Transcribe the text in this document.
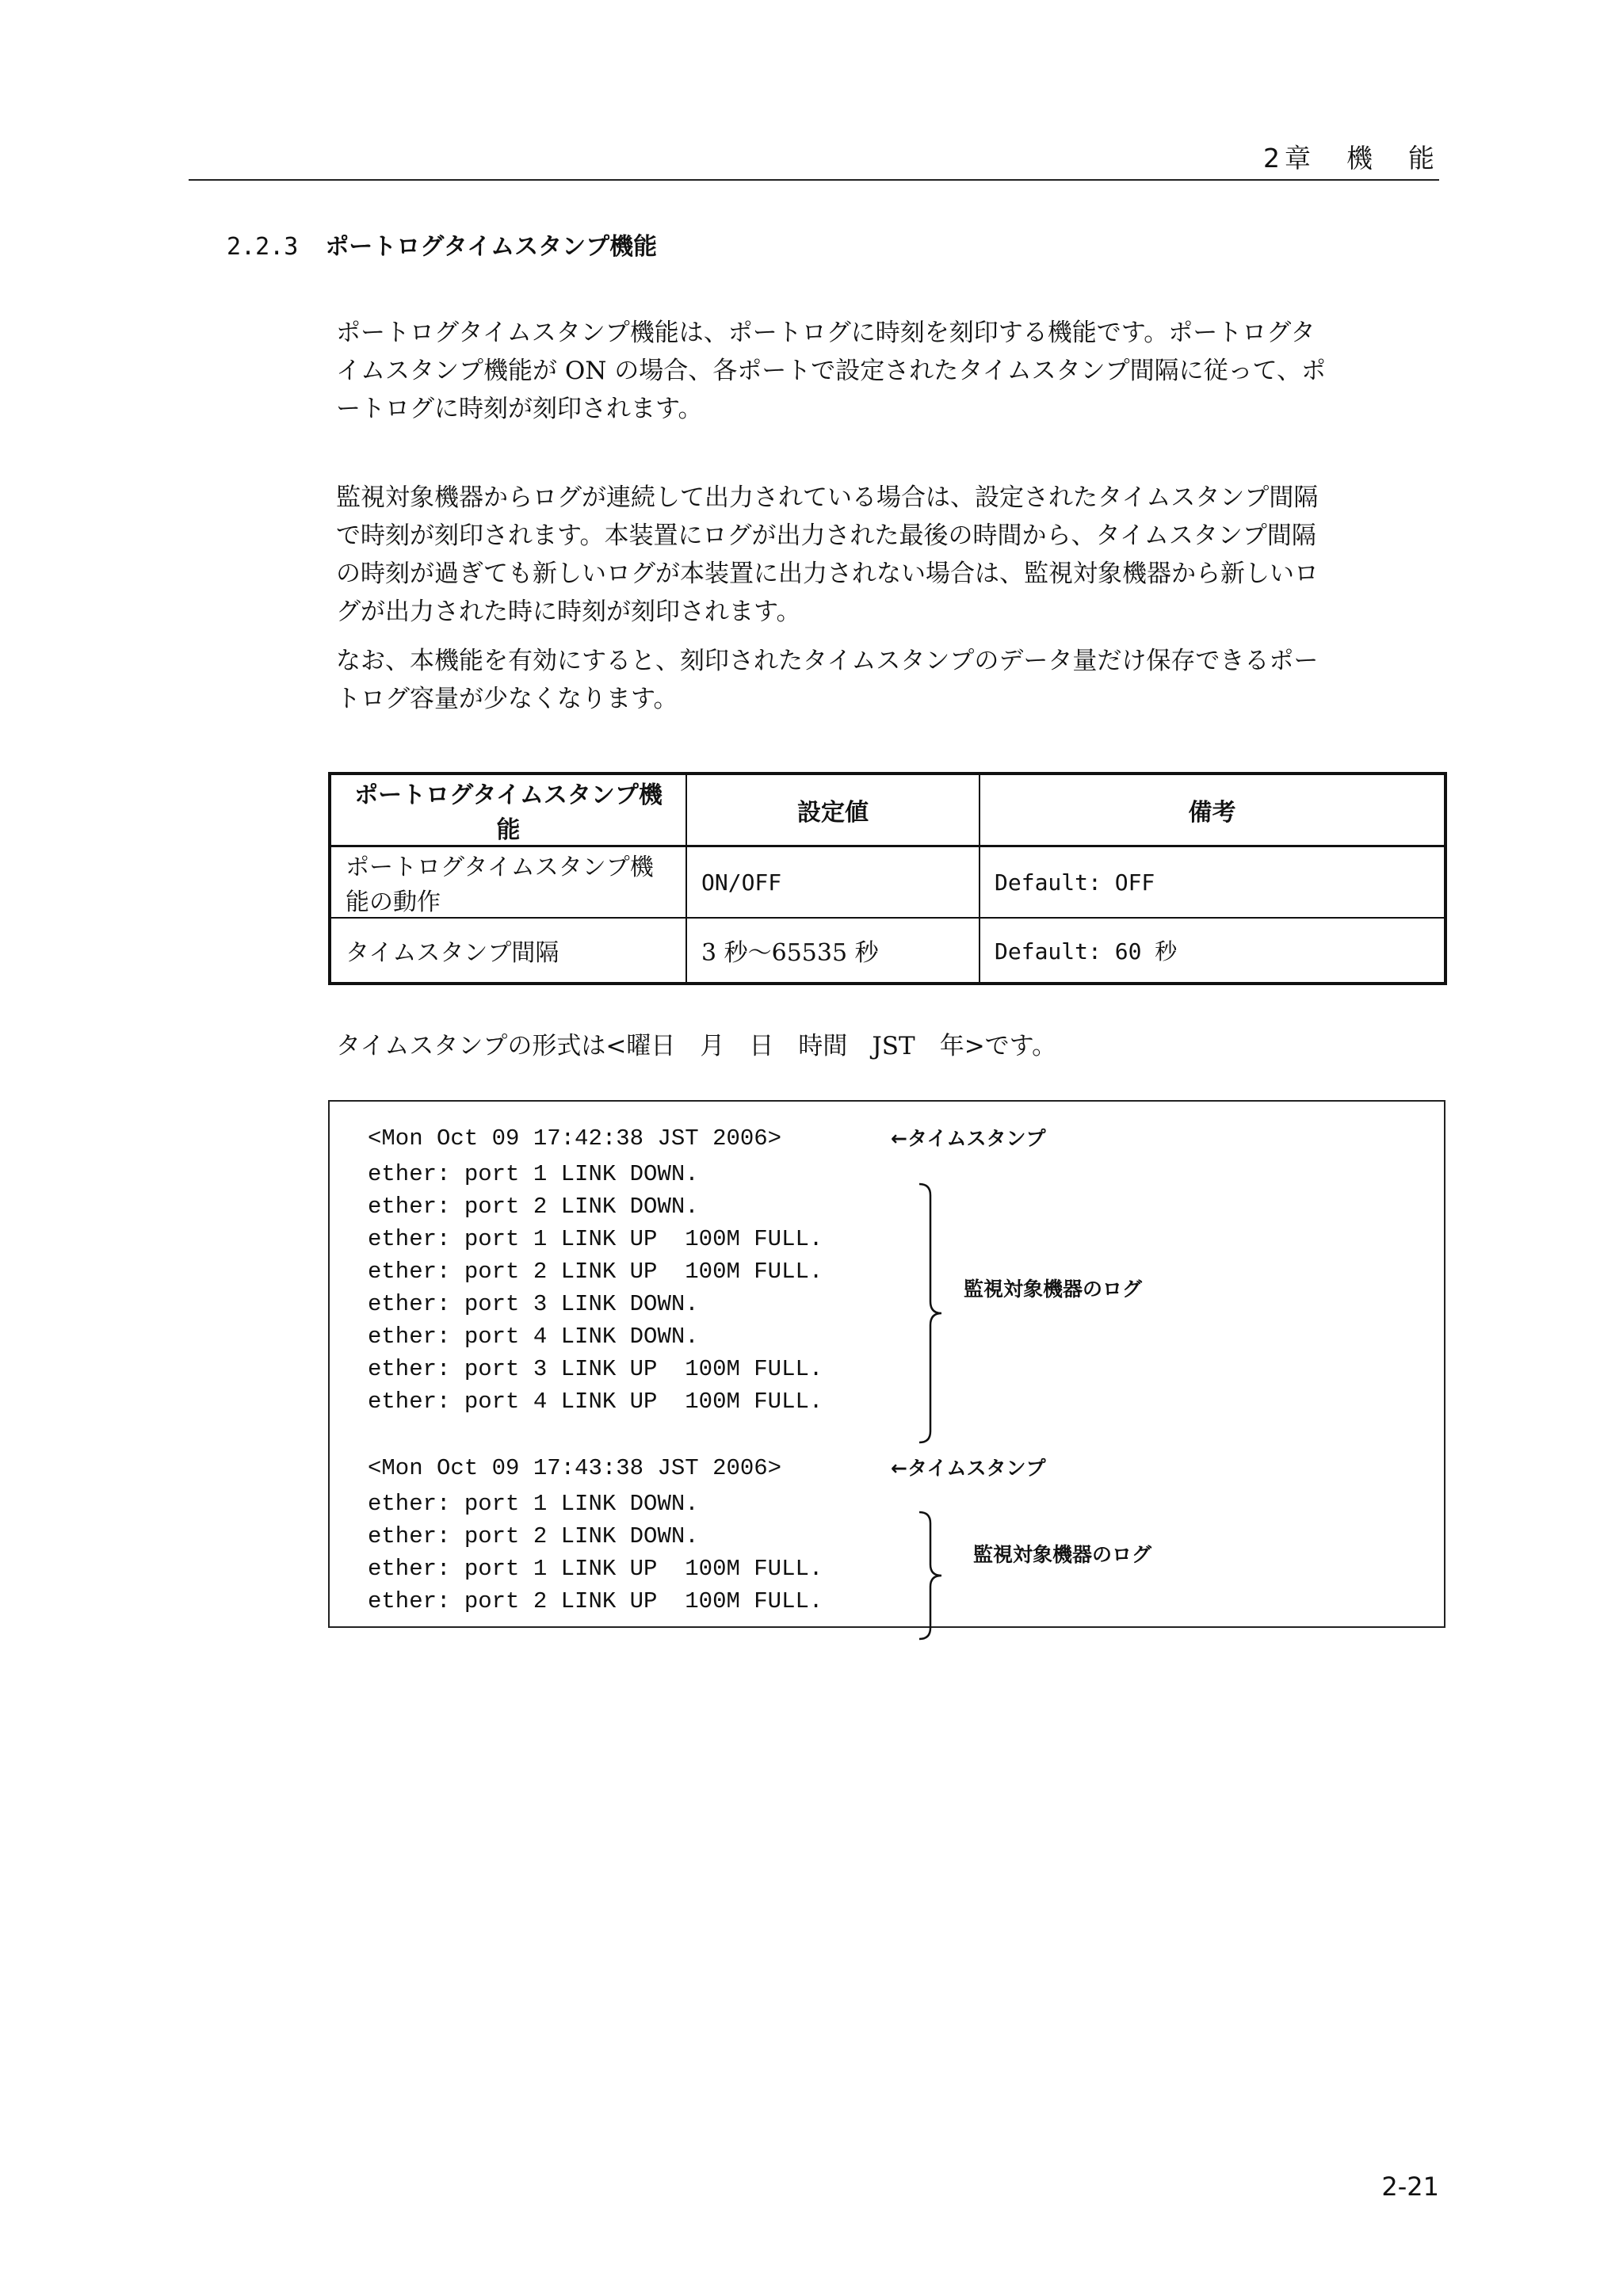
2章　機　能
2.2.3 ポートログタイムスタンプ機能

ポートログタイムスタンプ機能は、ポートログに時刻を刻印する機能です。ポートログタ
イムスタンプ機能が ON の場合、各ポートで設定されたタイムスタンプ間隔に従って、ポ
ートログに時刻が刻印されます。

監視対象機器からログが連続して出力されている場合は、設定されたタイムスタンプ間隔
で時刻が刻印されます。本装置にログが出力された最後の時間から、タイムスタンプ間隔
の時刻が過ぎても新しいログが本装置に出力されない場合は、監視対象機器から新しいロ
グが出力された時に時刻が刻印されます。

なお、本機能を有効にすると、刻印されたタイムスタンプのデータ量だけ保存できるポー
トログ容量が少なくなります。

ポートログタイムスタンプ機能	設定値	備考
ポートログタイムスタンプ機能の動作	ON/OFF	Default: OFF
タイムスタンプ間隔	3 秒～65535 秒	Default: 60 秒
タイムスタンプの形式は<曜日　月　日　時間　JST　年>です。
<Mon Oct 09 17:42:38 JST 2006>	←タイムスタンプ
ether: port 1 LINK DOWN.
ether: port 2 LINK DOWN.
ether: port 1 LINK UP  100M FULL.
ether: port 2 LINK UP  100M FULL.
ether: port 3 LINK DOWN.
ether: port 4 LINK DOWN.
ether: port 3 LINK UP  100M FULL.
ether: port 4 LINK UP  100M FULL.
監視対象機器のログ
<Mon Oct 09 17:43:38 JST 2006>	←タイムスタンプ
ether: port 1 LINK DOWN.
ether: port 2 LINK DOWN.
ether: port 1 LINK UP  100M FULL.
ether: port 2 LINK UP  100M FULL.
監視対象機器のログ
2-21
